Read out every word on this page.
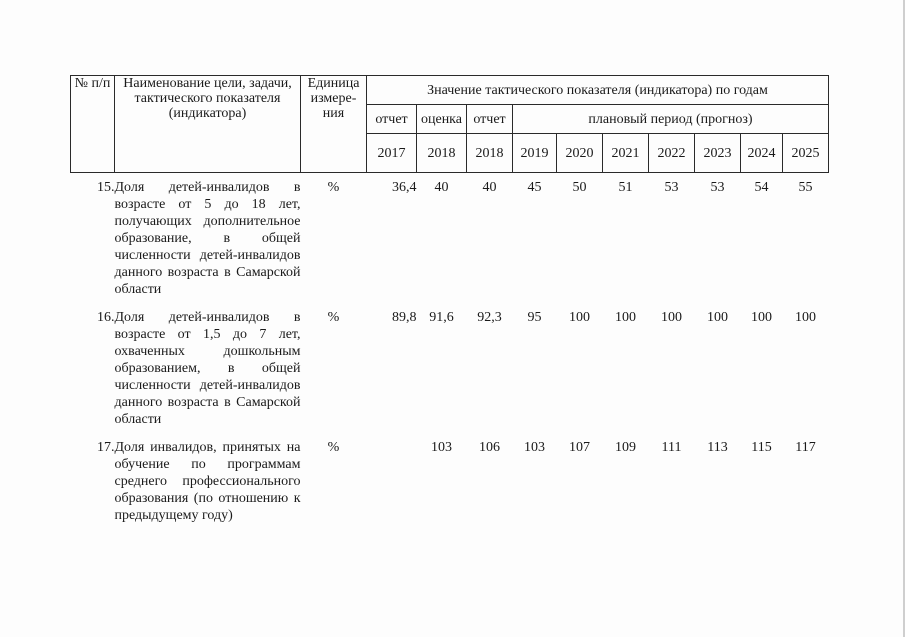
№ п/п	Наименование цели, задачи, тактического показателя (индикатора)	Единица измере-ния	Значение тактического показателя (индикатора) по годам									
			отчет	оценка	отчет	плановый период (прогноз)						
			2017	2018	2018	2019	2020	2021	2022	2023	2024	2025
15.	Доля детей-инвалидов в возрасте от 5 до 18 лет, получающих дополнительное образование, в общей численности детей-инвалидов данного возраста в Самарской области	%	36,4	40	40	45	50	51	53	53	54	55
16.	Доля детей-инвалидов в возрасте от 1,5 до 7 лет, охваченных дошкольным образованием, в общей численности детей-инвалидов данного возраста в Самарской области	%	89,8	91,6	92,3	95	100	100	100	100	100	100
17.	Доля инвалидов, принятых на обучение по программам среднего профессионального образования (по отношению к предыдущему году)	%		103	106	103	107	109	111	113	115	117
